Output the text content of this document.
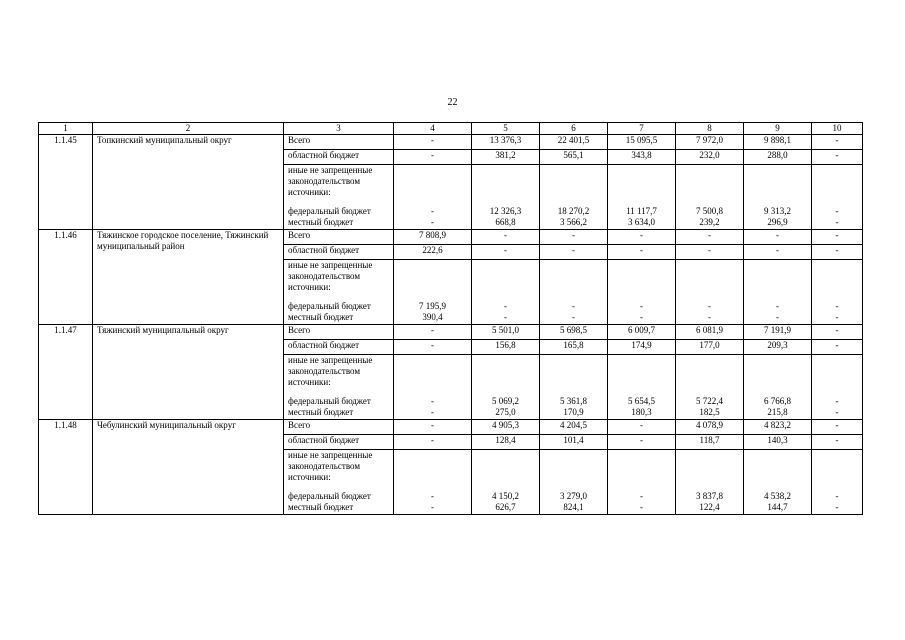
22
1	2	3	4	5	6	7	8	9	10
1.1.45	Топкинский муниципальный округ	Всего	-	13 376,3	22 401,5	15 095,5	7 972,0	9 898,1	-
		областной бюджет	-	381,2	565,1	343,8	232,0	288,0	-
		иные не запрещенные законодательством источники:							
		федеральный бюджет	-	12 326,3	18 270,2	11 117,7	7 500,8	9 313,2	-
		местный бюджет	-	668,8	3 566,2	3 634,0	239,2	296,9	-
1.1.46	Тяжинское городское поселение, Тяжинский муниципальный район	Всего	7 808,9	-	-	-	-	-	-
		областной бюджет	222,6	-	-	-	-	-	-
		иные не запрещенные законодательством источники:							
		федеральный бюджет	7 195,9	-	-	-	-	-	-
		местный бюджет	390,4	-	-	-	-	-	-
1.1.47	Тяжинский муниципальный округ	Всего	-	5 501,0	5 698,5	6 009,7	6 081,9	7 191,9	-
		областной бюджет	-	156,8	165,8	174,9	177,0	209,3	-
		иные не запрещенные законодательством источники:							
		федеральный бюджет	-	5 069,2	5 361,8	5 654,5	5 722,4	6 766,8	-
		местный бюджет	-	275,0	170,9	180,3	182,5	215,8	-
1.1.48	Чебулинский муниципальный округ	Всего	-	4 905,3	4 204,5	-	4 078,9	4 823,2	-
		областной бюджет	-	128,4	101,4	-	118,7	140,3	-
		иные не запрещенные законодательством источники:							
		федеральный бюджет	-	4 150,2	3 279,0	-	3 837,8	4 538,2	-
		местный бюджет	-	626,7	824,1	-	122,4	144,7	-
